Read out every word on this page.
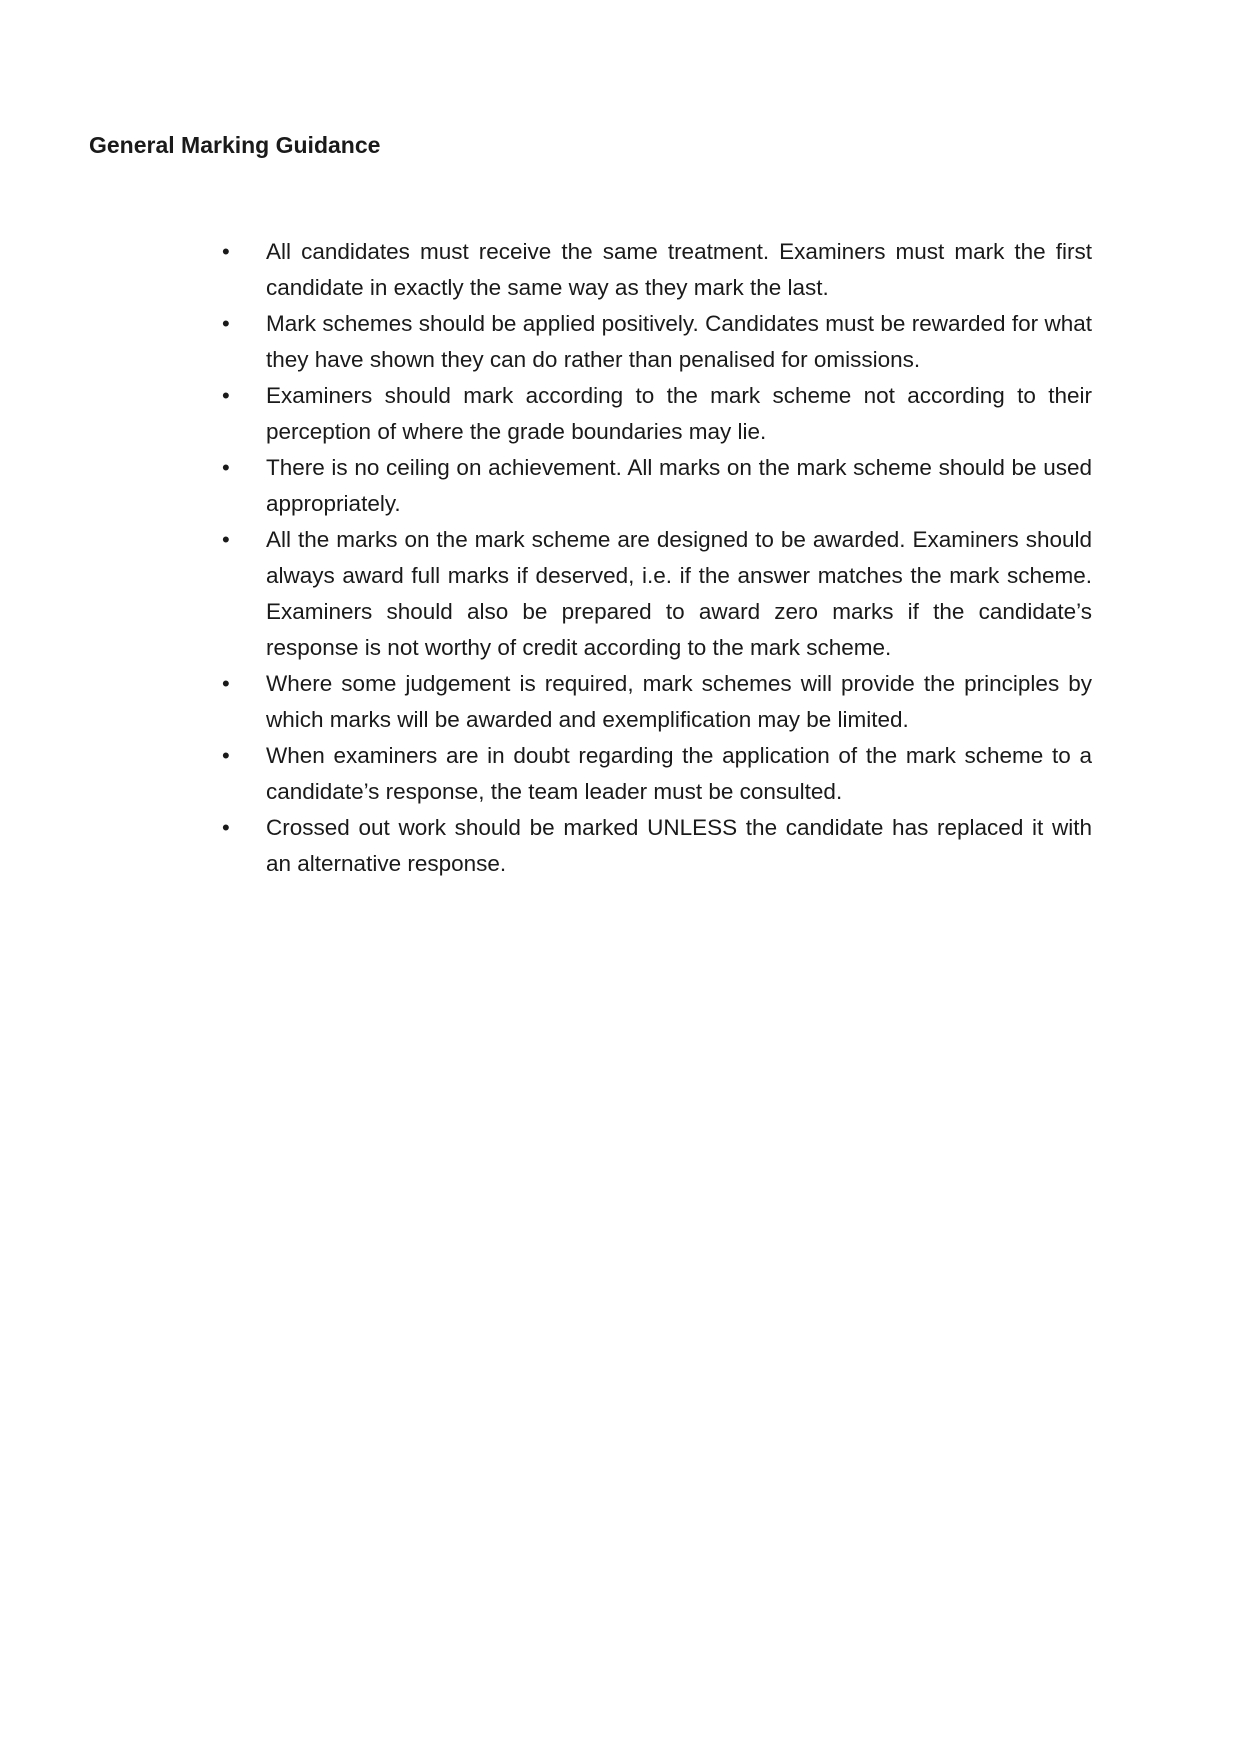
General Marking Guidance
•	All candidates must receive the same treatment. Examiners must mark the first candidate in exactly the same way as they mark the last.
•	Mark schemes should be applied positively. Candidates must be rewarded for what they have shown they can do rather than penalised for omissions.
•	Examiners should mark according to the mark scheme not according to their perception of where the grade boundaries may lie.
•	There is no ceiling on achievement. All marks on the mark scheme should be used appropriately.
•	All the marks on the mark scheme are designed to be awarded. Examiners should always award full marks if deserved, i.e. if the answer matches the mark scheme. Examiners should also be prepared to award zero marks if the candidate’s response is not worthy of credit according to the mark scheme.
•	Where some judgement is required, mark schemes will provide the principles by which marks will be awarded and exemplification may be limited.
•	When examiners are in doubt regarding the application of the mark scheme to a candidate’s response, the team leader must be consulted.
•	Crossed out work should be marked UNLESS the candidate has replaced it with an alternative response.
